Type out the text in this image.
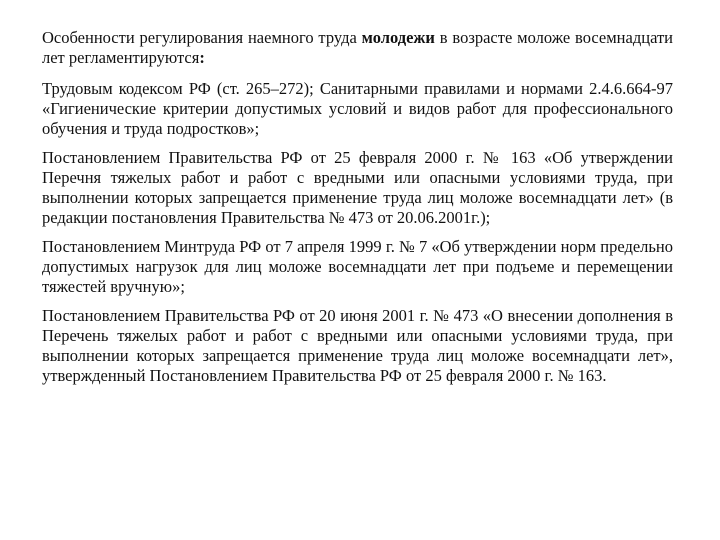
Особенности регулирования наемного труда молодежи в возрасте моложе восемнадцати лет регламентируются:

Трудовым кодексом РФ (ст. 265–272); Санитарными правилами и нормами 2.4.6.664-97 «Гигиенические критерии допустимых условий и видов работ для профессионального обучения и труда подростков»;

Постановлением Правительства РФ от 25 февраля 2000 г. № 163 «Об утверждении Перечня тяжелых работ и работ с вредными или опасными условиями труда, при выполнении которых запрещается применение труда лиц моложе восемнадцати лет» (в редакции постановления Правительства № 473 от 20.06.2001г.);

Постановлением Минтруда РФ от 7 апреля 1999 г. № 7 «Об утверждении норм предельно допустимых нагрузок для лиц моложе восемнадцати лет при подъеме и перемещении тяжестей вручную»;

Постановлением Правительства РФ от 20 июня 2001 г. № 473 «О внесении дополнения в Перечень тяжелых работ и работ с вредными или опасными условиями труда, при выполнении которых запрещается применение труда лиц моложе восемнадцати лет», утвержденный Постановлением Правительства РФ от 25 февраля 2000 г. № 163.
